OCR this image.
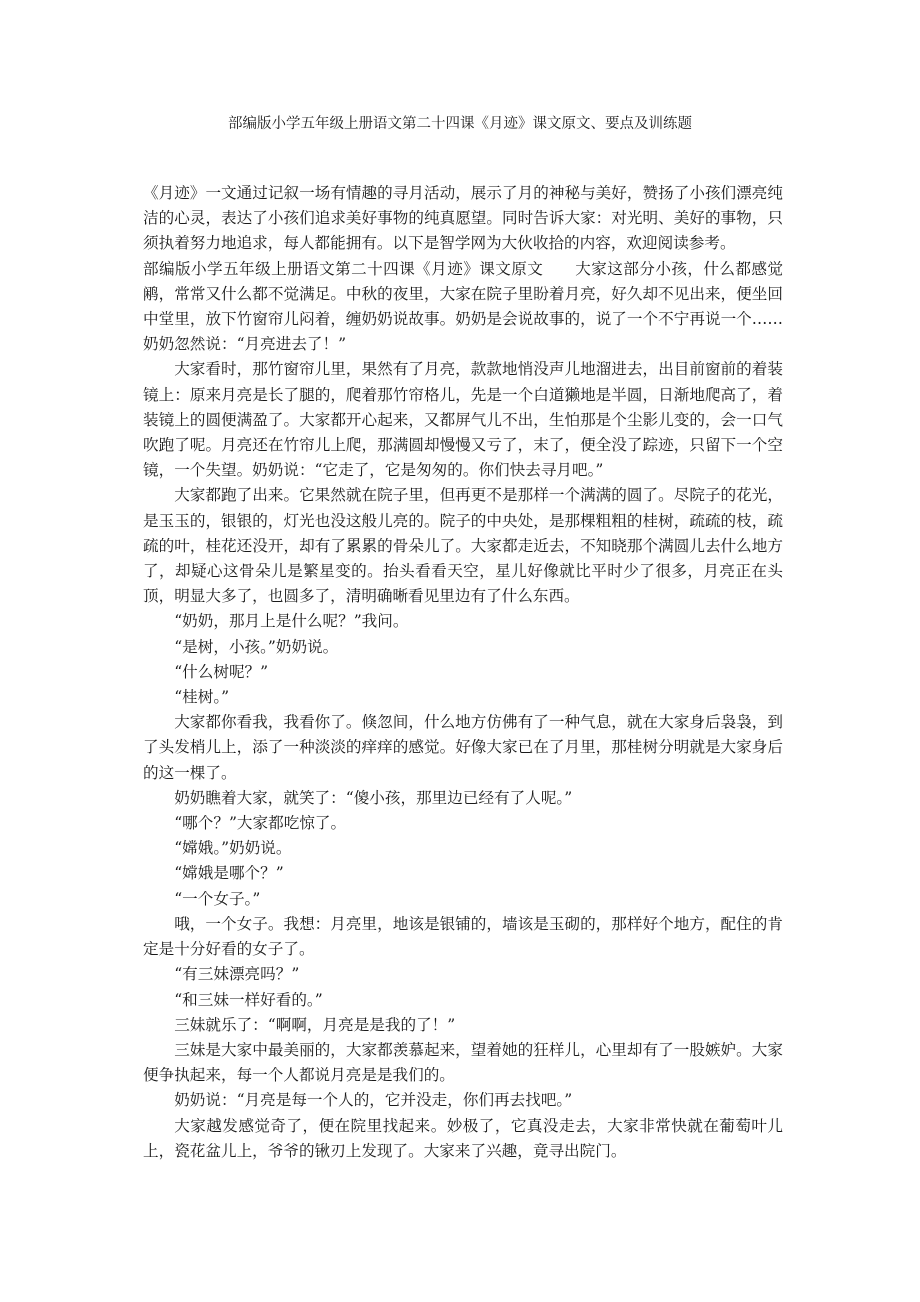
部编版小学五年级上册语文第二十四课《月迹》课文原文、要点及训练题

《月迹》一文通过记叙一场有情趣的寻月活动，展示了月的神秘与美好，赞扬了小孩们漂亮纯洁的心灵，表达了小孩们追求美好事物的纯真愿望。同时告诉大家：对光明、美好的事物，只须执着努力地追求，每人都能拥有。以下是智学网为大伙收拾的内容，欢迎阅读参考。

部编版小学五年级上册语文第二十四课《月迹》课文原文　　大家这部分小孩，什么都感觉鹇，常常又什么都不觉满足。中秋的夜里，大家在院子里盼着月亮，好久却不见出来，便坐回中堂里，放下竹窗帘儿闷着，缠奶奶说故事。奶奶是会说故事的，说了一个不宁再说一个……奶奶忽然说：“月亮进去了！”

大家看时，那竹窗帘儿里，果然有了月亮，款款地悄没声儿地溜进去，出目前窗前的着装镜上：原来月亮是长了腿的，爬着那竹帘格儿，先是一个白道獭地是半圆，日渐地爬高了，着装镜上的圆便满盈了。大家都开心起来，又都屏气儿不出，生怕那是个尘影儿变的，会一口气吹跑了呢。月亮还在竹帘儿上爬，那满圆却慢慢又亏了，末了，便全没了踪迹，只留下一个空镜，一个失望。奶奶说：“它走了，它是匆匆的。你们快去寻月吧。”

大家都跑了出来。它果然就在院子里，但再更不是那样一个满满的圆了。尽院子的花光，是玉玉的，银银的，灯光也没这般儿亮的。院子的中央处，是那棵粗粗的桂树，疏疏的枝，疏疏的叶，桂花还没开，却有了累累的骨朵儿了。大家都走近去，不知晓那个满圆儿去什么地方了，却疑心这骨朵儿是繁星变的。抬头看看天空，星儿好像就比平时少了很多，月亮正在头顶，明显大多了，也圆多了，清明确晰看见里边有了什么东西。

“奶奶，那月上是什么呢？”我问。

“是树，小孩。”奶奶说。

“什么树呢？”

“桂树。”

大家都你看我，我看你了。倏忽间，什么地方仿佛有了一种气息，就在大家身后袅袅，到了头发梢儿上，添了一种淡淡的痒痒的感觉。好像大家已在了月里，那桂树分明就是大家身后的这一棵了。

奶奶瞧着大家，就笑了：“傻小孩，那里边已经有了人呢。”

“哪个？”大家都吃惊了。

“嫦娥。”奶奶说。

“嫦娥是哪个？”

“一个女子。”

哦，一个女子。我想：月亮里，地该是银铺的，墙该是玉砌的，那样好个地方，配住的肯定是十分好看的女子了。

“有三妹漂亮吗？”

“和三妹一样好看的。”

三妹就乐了：“啊啊，月亮是是我的了！”

三妹是大家中最美丽的，大家都羡慕起来，望着她的狂样儿，心里却有了一股嫉妒。大家便争执起来，每一个人都说月亮是是我们的。

奶奶说：“月亮是每一个人的，它并没走，你们再去找吧。”

大家越发感觉奇了，便在院里找起来。妙极了，它真没走去，大家非常快就在葡萄叶儿上，瓷花盆儿上，爷爷的锹刃上发现了。大家来了兴趣，竟寻出院门。
